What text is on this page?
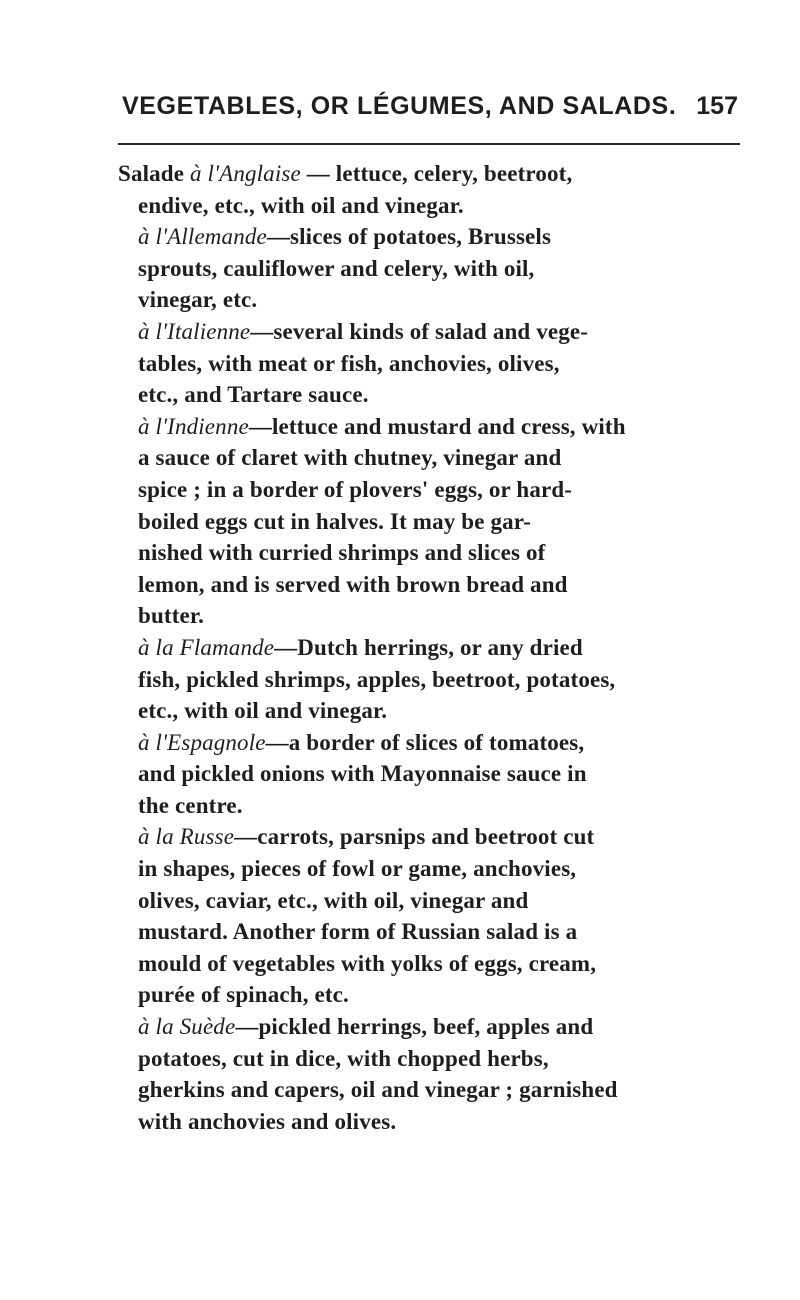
VEGETABLES, OR LÉGUMES, AND SALADS. 157
Salade à l'Anglaise — lettuce, celery, beetroot,
endive, etc., with oil and vinegar.
à l'Allemande—slices of potatoes, Brussels
sprouts, cauliflower and celery, with oil,
vinegar, etc.
à l'Italienne—several kinds of salad and vege-
tables, with meat or fish, anchovies, olives,
etc., and Tartare sauce.
à l'Indienne—lettuce and mustard and cress, with
a sauce of claret with chutney, vinegar and
spice ; in a border of plovers' eggs, or hard-
boiled eggs cut in halves. It may be gar-
nished with curried shrimps and slices of
lemon, and is served with brown bread and
butter.
à la Flamande—Dutch herrings, or any dried
fish, pickled shrimps, apples, beetroot, potatoes,
etc., with oil and vinegar.
à l'Espagnole—a border of slices of tomatoes,
and pickled onions with Mayonnaise sauce in
the centre.
à la Russe—carrots, parsnips and beetroot cut
in shapes, pieces of fowl or game, anchovies,
olives, caviar, etc., with oil, vinegar and
mustard. Another form of Russian salad is a
mould of vegetables with yolks of eggs, cream,
purée of spinach, etc.
à la Suède—pickled herrings, beef, apples and
potatoes, cut in dice, with chopped herbs,
gherkins and capers, oil and vinegar ; garnished
with anchovies and olives.
